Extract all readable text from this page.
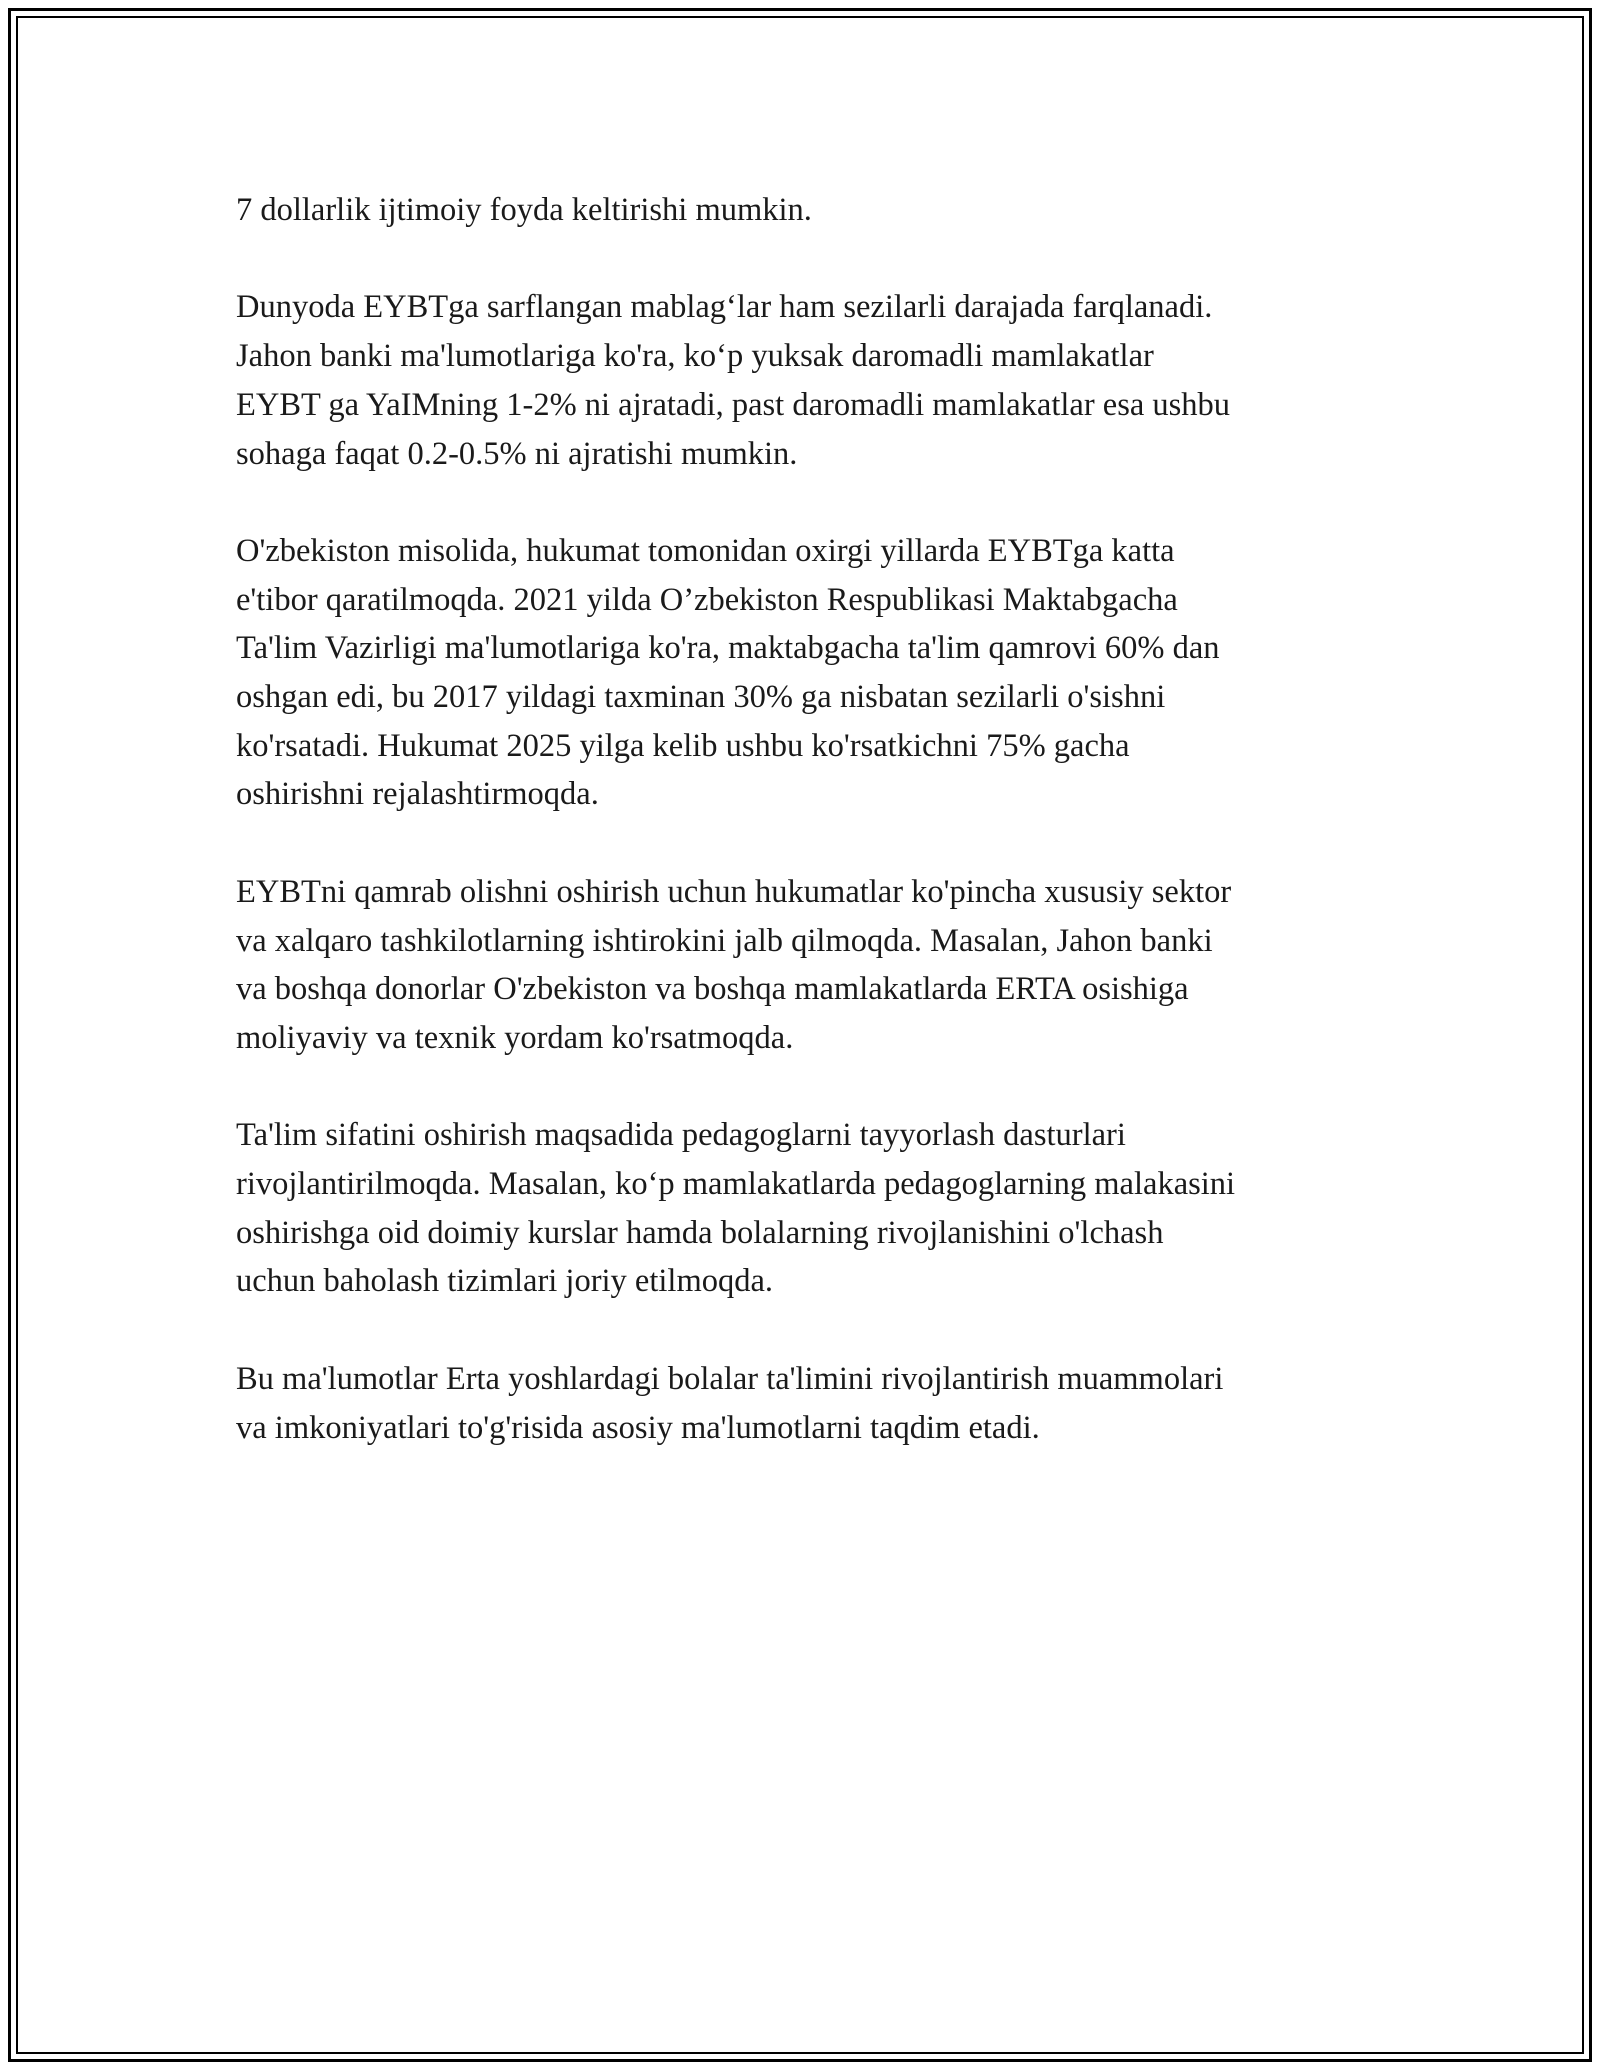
7 dollarlik ijtimoiy foyda keltirishi mumkin.

Dunyoda EYBTga sarflangan mablag‘lar ham sezilarli darajada farqlanadi.
Jahon banki ma'lumotlariga ko'ra, ko‘p yuksak daromadli mamlakatlar
EYBT ga YaIMning 1-2% ni ajratadi, past daromadli mamlakatlar esa ushbu
sohaga faqat 0.2-0.5% ni ajratishi mumkin.

O'zbekiston misolida, hukumat tomonidan oxirgi yillarda EYBTga katta
e'tibor qaratilmoqda. 2021 yilda O’zbekiston Respublikasi Maktabgacha
Ta'lim Vazirligi ma'lumotlariga ko'ra, maktabgacha ta'lim qamrovi 60% dan
oshgan edi, bu 2017 yildagi taxminan 30% ga nisbatan sezilarli o'sishni
ko'rsatadi. Hukumat 2025 yilga kelib ushbu ko'rsatkichni 75% gacha
oshirishni rejalashtirmoqda.

EYBTni qamrab olishni oshirish uchun hukumatlar ko'pincha xususiy sektor
va xalqaro tashkilotlarning ishtirokini jalb qilmoqda. Masalan, Jahon banki
va boshqa donorlar O'zbekiston va boshqa mamlakatlarda ERTA osishiga
moliyaviy va texnik yordam ko'rsatmoqda.

Ta'lim sifatini oshirish maqsadida pedagoglarni tayyorlash dasturlari
rivojlantirilmoqda. Masalan, ko‘p mamlakatlarda pedagoglarning malakasini
oshirishga oid doimiy kurslar hamda bolalarning rivojlanishini o'lchash
uchun baholash tizimlari joriy etilmoqda.

Bu ma'lumotlar Erta yoshlardagi bolalar ta'limini rivojlantirish muammolari
va imkoniyatlari to'g'risida asosiy ma'lumotlarni taqdim etadi.
